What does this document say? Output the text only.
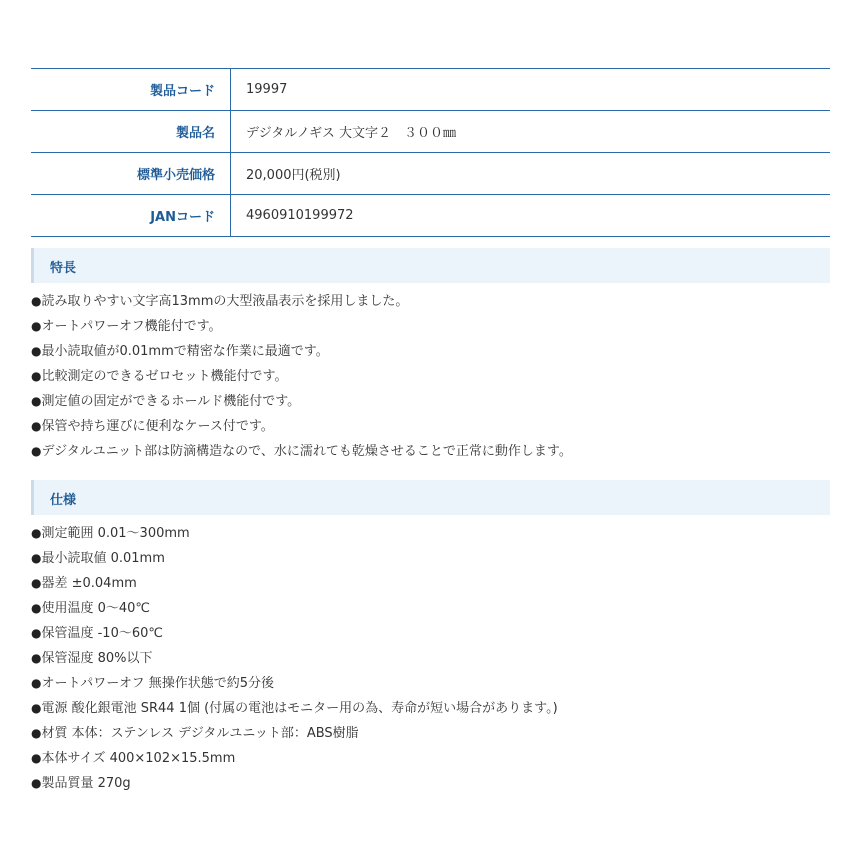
製品コード	19997
製品名	デジタルノギス 大文字２　３００㎜
標準小売価格	20,000円(税別)
JANコード	4960910199972
特長
●読み取りやすい文字高13mmの大型液晶表示を採用しました。
●オートパワーオフ機能付です。
●最小読取値が0.01mmで精密な作業に最適です。
●比較測定のできるゼロセット機能付です。
●測定値の固定ができるホールド機能付です。
●保管や持ち運びに便利なケース付です。
●デジタルユニット部は防滴構造なので、水に濡れても乾燥させることで正常に動作します。
仕様
●測定範囲 0.01～300mm
●最小読取値 0.01mm
●器差 ±0.04mm
●使用温度 0～40℃
●保管温度 -10～60℃
●保管湿度 80%以下
●オートパワーオフ 無操作状態で約5分後
●電源 酸化銀電池 SR44 1個 (付属の電池はモニター用の為、寿命が短い場合があります。)
●材質 本体：ステンレス デジタルユニット部：ABS樹脂
●本体サイズ 400×102×15.5mm
●製品質量 270g
